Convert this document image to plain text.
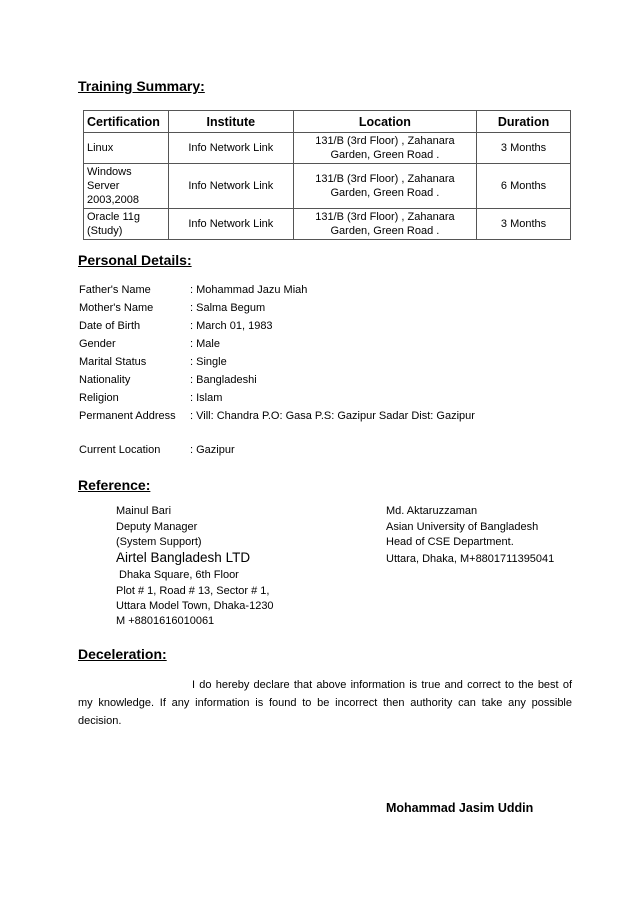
Training Summary:
Certification	Institute	Location	Duration
Linux	Info Network Link	131/B (3rd Floor) , Zahanara Garden, Green Road .	3 Months
Windows Server 2003,2008	Info Network Link	131/B (3rd Floor) , Zahanara Garden, Green Road .	6 Months
Oracle 11g (Study)	Info Network Link	131/B (3rd Floor) , Zahanara Garden, Green Road .	3 Months
Personal Details:
Father's Name	: Mohammad Jazu Miah
Mother's Name	: Salma Begum
Date of Birth	: March 01, 1983
Gender	: Male
Marital Status	: Single
Nationality	: Bangladeshi
Religion	: Islam
Permanent Address : Vill: Chandra P.O: Gasa P.S: Gazipur Sadar Dist: Gazipur
Current Location	: Gazipur
Reference:
Mainul Bari
Deputy Manager
(System Support)
Airtel Bangladesh LTD
Dhaka Square, 6th Floor
Plot # 1, Road # 13, Sector # 1,
Uttara Model Town, Dhaka-1230
M +8801616010061
Md. Aktaruzzaman
Asian University of Bangladesh
Head of CSE Department.
Uttara, Dhaka, M+8801711395041
Deceleration:
I do hereby declare that above information is true and correct to the best of my knowledge. If any information is found to be incorrect then authority can take any possible decision.
Mohammad Jasim Uddin
